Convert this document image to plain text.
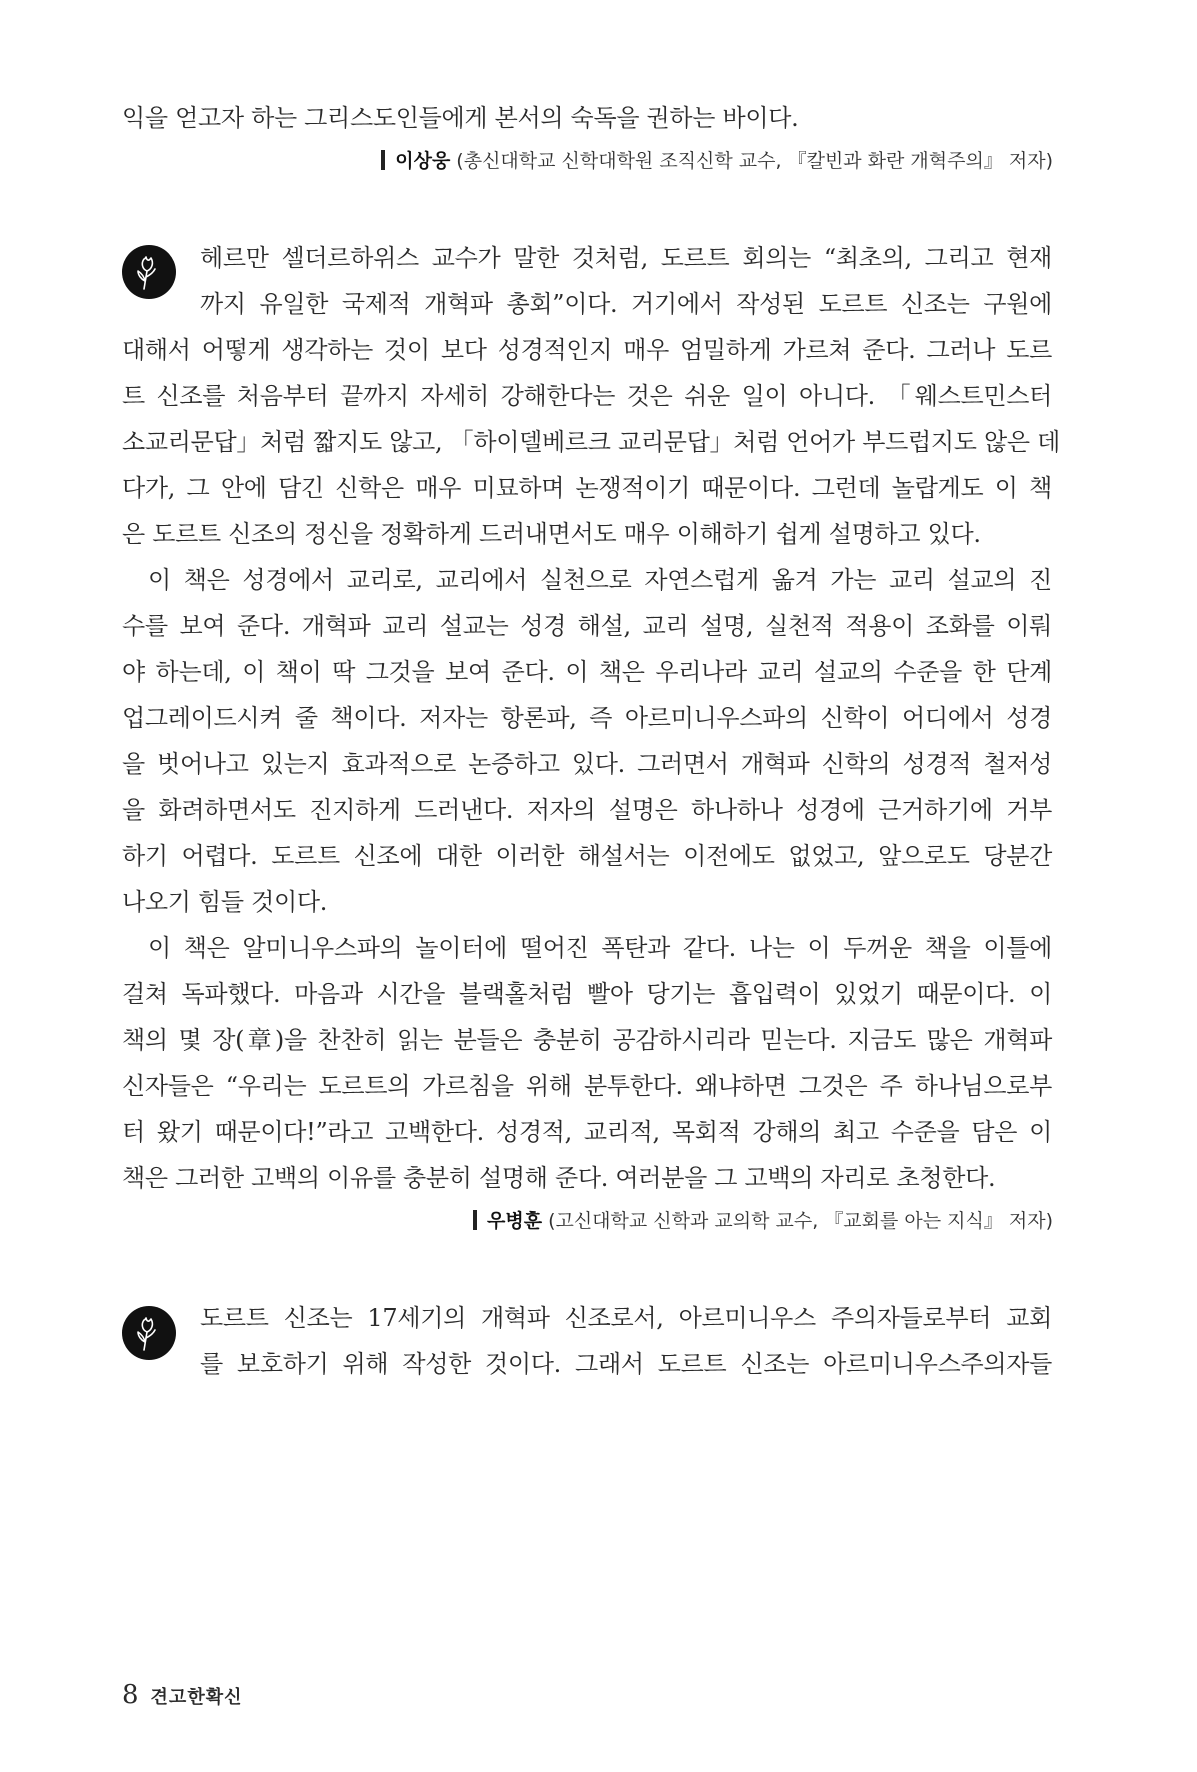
익을 얻고자 하는 그리스도인들에게 본서의 숙독을 권하는 바이다.
이상웅 (총신대학교 신학대학원 조직신학 교수, 『칼빈과 화란 개혁주의』 저자)
헤르만 셀더르하위스 교수가 말한 것처럼, 도르트 회의는 “최초의, 그리고 현재
까지 유일한 국제적 개혁파 총회”이다. 거기에서 작성된 도르트 신조는 구원에
대해서 어떻게 생각하는 것이 보다 성경적인지 매우 엄밀하게 가르쳐 준다. 그러나 도르
트 신조를 처음부터 끝까지 자세히 강해한다는 것은 쉬운 일이 아니다. 「웨스트민스터
소교리문답」처럼 짧지도 않고, 「하이델베르크 교리문답」처럼 언어가 부드럽지도 않은 데
다가, 그 안에 담긴 신학은 매우 미묘하며 논쟁적이기 때문이다. 그런데 놀랍게도 이 책
은 도르트 신조의 정신을 정확하게 드러내면서도 매우 이해하기 쉽게 설명하고 있다.
이 책은 성경에서 교리로, 교리에서 실천으로 자연스럽게 옮겨 가는 교리 설교의 진
수를 보여 준다. 개혁파 교리 설교는 성경 해설, 교리 설명, 실천적 적용이 조화를 이뤄
야 하는데, 이 책이 딱 그것을 보여 준다. 이 책은 우리나라 교리 설교의 수준을 한 단계
업그레이드시켜 줄 책이다. 저자는 항론파, 즉 아르미니우스파의 신학이 어디에서 성경
을 벗어나고 있는지 효과적으로 논증하고 있다. 그러면서 개혁파 신학의 성경적 철저성
을 화려하면서도 진지하게 드러낸다. 저자의 설명은 하나하나 성경에 근거하기에 거부
하기 어렵다. 도르트 신조에 대한 이러한 해설서는 이전에도 없었고, 앞으로도 당분간
나오기 힘들 것이다.
이 책은 알미니우스파의 놀이터에 떨어진 폭탄과 같다. 나는 이 두꺼운 책을 이틀에
걸쳐 독파했다. 마음과 시간을 블랙홀처럼 빨아 당기는 흡입력이 있었기 때문이다. 이
책의 몇 장(章)을 찬찬히 읽는 분들은 충분히 공감하시리라 믿는다. 지금도 많은 개혁파
신자들은 “우리는 도르트의 가르침을 위해 분투한다. 왜냐하면 그것은 주 하나님으로부
터 왔기 때문이다!”라고 고백한다. 성경적, 교리적, 목회적 강해의 최고 수준을 담은 이
책은 그러한 고백의 이유를 충분히 설명해 준다. 여러분을 그 고백의 자리로 초청한다.
우병훈 (고신대학교 신학과 교의학 교수, 『교회를 아는 지식』 저자)
도르트 신조는 17세기의 개혁파 신조로서, 아르미니우스 주의자들로부터 교회
를 보호하기 위해 작성한 것이다. 그래서 도르트 신조는 아르미니우스주의자들
8 견고한확신
